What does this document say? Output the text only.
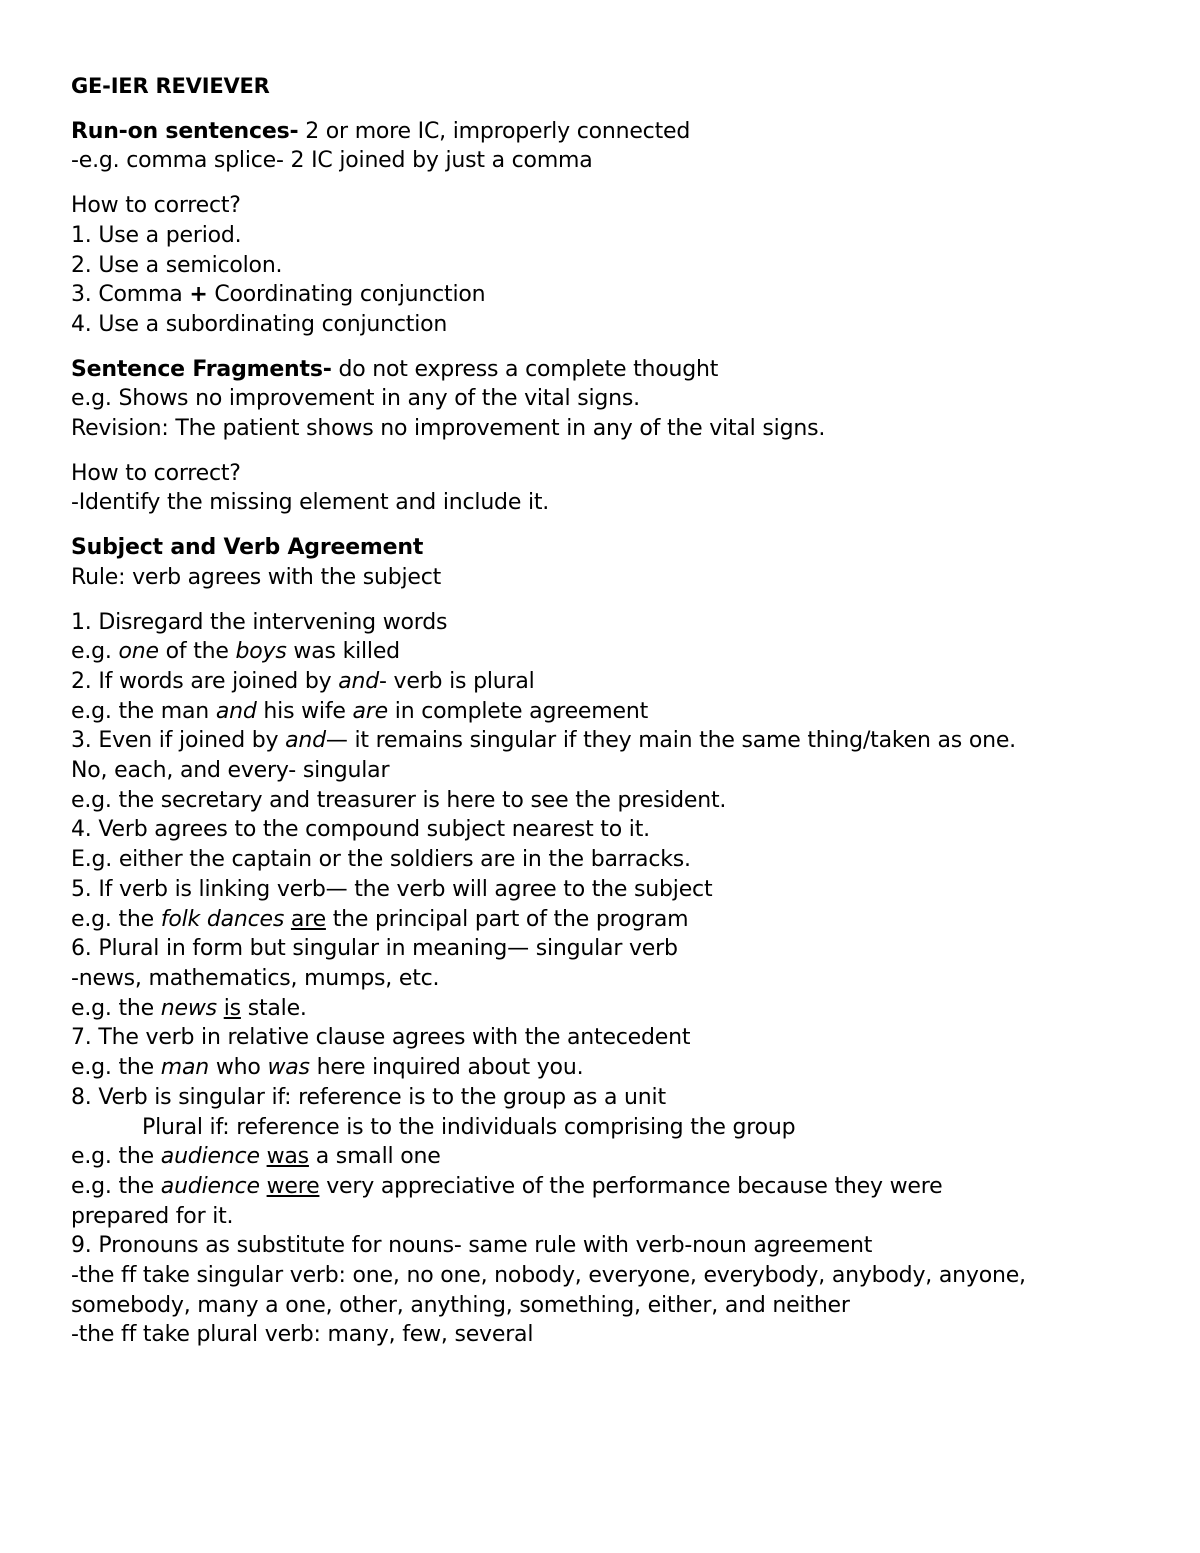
GE-IER REVIEVER
Run-on sentences- 2 or more IC, improperly connected
-e.g. comma splice- 2 IC joined by just a comma
How to correct?
1. Use a period.
2. Use a semicolon.
3. Comma + Coordinating conjunction
4. Use a subordinating conjunction
Sentence Fragments- do not express a complete thought
e.g. Shows no improvement in any of the vital signs.
Revision: The patient shows no improvement in any of the vital signs.
How to correct?
-Identify the missing element and include it.
Subject and Verb Agreement
Rule: verb agrees with the subject
1. Disregard the intervening words
e.g. one of the boys was killed
2. If words are joined by and- verb is plural
e.g. the man and his wife are in complete agreement
3. Even if joined by and— it remains singular if they main the same thing/taken as one.
No, each, and every- singular
e.g. the secretary and treasurer is here to see the president.
4. Verb agrees to the compound subject nearest to it.
E.g. either the captain or the soldiers are in the barracks.
5. If verb is linking verb— the verb will agree to the subject
e.g. the folk dances are the principal part of the program
6. Plural in form but singular in meaning— singular verb
-news, mathematics, mumps, etc.
e.g. the news is stale.
7. The verb in relative clause agrees with the antecedent
e.g. the man who was here inquired about you.
8. Verb is singular if: reference is to the group as a unit
Plural if: reference is to the individuals comprising the group
e.g. the audience was a small one
e.g. the audience were very appreciative of the performance because they were
prepared for it.
9. Pronouns as substitute for nouns- same rule with verb-noun agreement
-the ff take singular verb: one, no one, nobody, everyone, everybody, anybody, anyone,
somebody, many a one, other, anything, something, either, and neither
-the ff take plural verb: many, few, several
